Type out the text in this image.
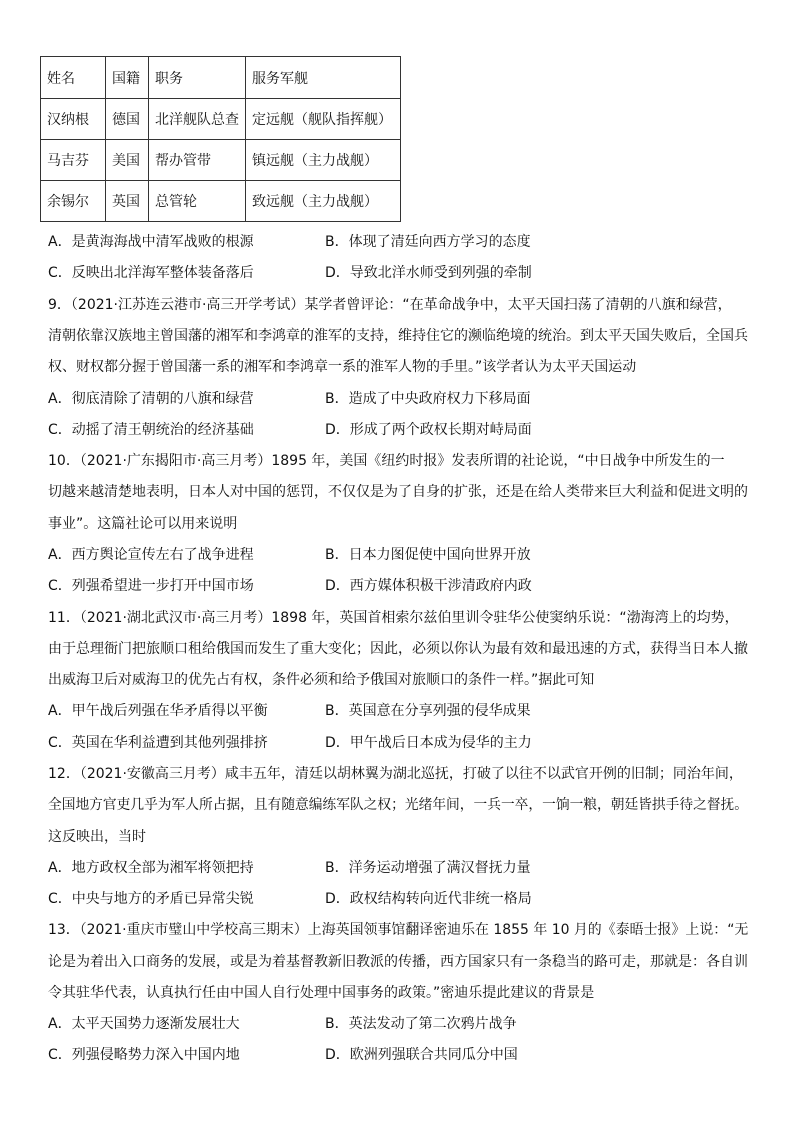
姓名	国籍	职务	服务军舰
汉纳根	德国	北洋舰队总查	定远舰（舰队指挥舰）
马吉芬	美国	帮办管带	镇远舰（主力战舰）
余锡尔	英国	总管轮	致远舰（主力战舰）
A．是黄海海战中清军战败的根源	B．体现了清廷向西方学习的态度
C．反映出北洋海军整体装备落后	D．导致北洋水师受到列强的牵制
9．（2021·江苏连云港市·高三开学考试）某学者曾评论：“在革命战争中，太平天国扫荡了清朝的八旗和绿营，
清朝依靠汉族地主曾国藩的湘军和李鸿章的淮军的支持，维持住它的濒临绝境的统治。到太平天国失败后，全国兵
权、财权都分握于曾国藩一系的湘军和李鸿章一系的淮军人物的手里。”该学者认为太平天国运动
A．彻底清除了清朝的八旗和绿营	B．造成了中央政府权力下移局面
C．动摇了清王朝统治的经济基础	D．形成了两个政权长期对峙局面
10．（2021·广东揭阳市·高三月考）1895 年，美国《纽约时报》发表所谓的社论说，“中日战争中所发生的一
切越来越清楚地表明，日本人对中国的惩罚，不仅仅是为了自身的扩张，还是在给人类带来巨大利益和促进文明的
事业”。这篇社论可以用来说明
A．西方舆论宣传左右了战争进程	B．日本力图促使中国向世界开放
C．列强希望进一步打开中国市场	D．西方媒体积极干涉清政府内政
11．（2021·湖北武汉市·高三月考）1898 年，英国首相索尔兹伯里训令驻华公使窦纳乐说：“渤海湾上的均势，
由于总理衙门把旅顺口租给俄国而发生了重大变化；因此，必须以你认为最有效和最迅速的方式，获得当日本人撤
出威海卫后对威海卫的优先占有权，条件必须和给予俄国对旅顺口的条件一样。”据此可知
A．甲午战后列强在华矛盾得以平衡	B．英国意在分享列强的侵华成果
C．英国在华利益遭到其他列强排挤	D．甲午战后日本成为侵华的主力
12．（2021·安徽高三月考）咸丰五年，清廷以胡林翼为湖北巡抚，打破了以往不以武官开例的旧制；同治年间，
全国地方官吏几乎为军人所占据，且有随意编练军队之权；光绪年间，一兵一卒，一饷一粮，朝廷皆拱手待之督抚。
这反映出，当时
A．地方政权全部为湘军将领把持	B．洋务运动增强了满汉督抚力量
C．中央与地方的矛盾已异常尖锐	D．政权结构转向近代非统一格局
13．（2021·重庆市璧山中学校高三期末）上海英国领事馆翻译密迪乐在 1855 年 10 月的《泰晤士报》上说：“无
论是为着出入口商务的发展，或是为着基督教新旧教派的传播，西方国家只有一条稳当的路可走，那就是：各自训
令其驻华代表，认真执行任由中国人自行处理中国事务的政策。”密迪乐提此建议的背景是
A．太平天国势力逐渐发展壮大	B．英法发动了第二次鸦片战争
C．列强侵略势力深入中国内地	D．欧洲列强联合共同瓜分中国
